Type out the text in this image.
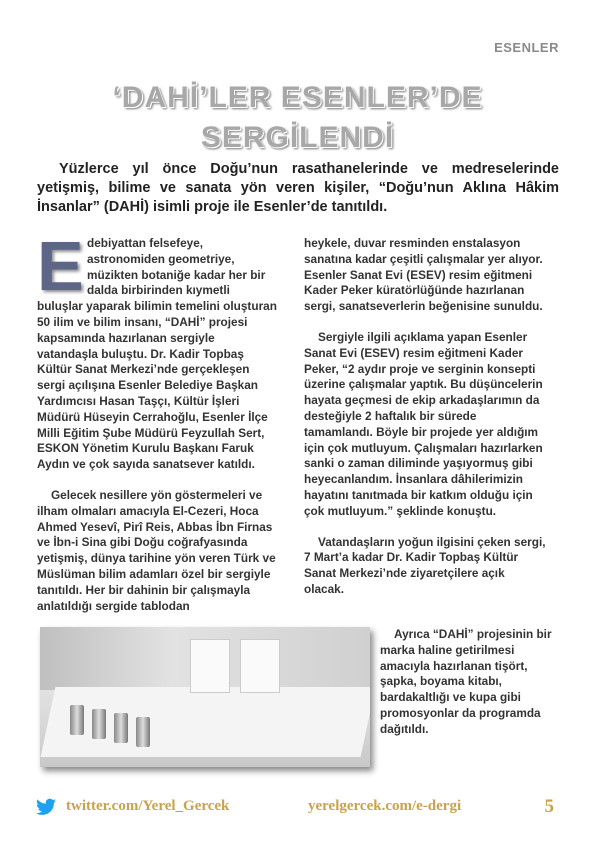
ESENLER
‘DAHİ’LER ESENLER’DE
SERGİLENDİ
Yüzlerce yıl önce Doğu’nun rasathanelerinde ve medreselerinde yetişmiş, bilime ve sanata yön veren kişiler, “Doğu’nun Aklına Hâkim İnsanlar” (DAHİ) isimli proje ile Esenler’de tanıtıldı.

Edebiyattan felsefeye, astronomiden geometriye, müzikten botaniğe kadar her bir dalda birbirinden kıymetli buluşlar yaparak bilimin temelini oluşturan 50 ilim ve bilim insanı, “DAHİ” projesi kapsamında hazırlanan sergiyle vatandaşla buluştu. Dr. Kadir Topbaş Kültür Sanat Merkezi’nde gerçekleşen sergi açılışına Esenler Belediye Başkan Yardımcısı Hasan Taşçı, Kültür İşleri Müdürü Hüseyin Cerrahoğlu, Esenler İlçe Milli Eğitim Şube Müdürü Feyzullah Sert, ESKON Yönetim Kurulu Başkanı Faruk Aydın ve çok sayıda sanatsever katıldı.

Gelecek nesillere yön göstermeleri ve ilham olmaları amacıyla El-Cezeri, Hoca Ahmed Yesevî, Pirî Reis, Abbas İbn Firnas ve İbn-i Sina gibi Doğu coğrafyasında yetişmiş, dünya tarihine yön veren Türk ve Müslüman bilim adamları özel bir sergiyle tanıtıldı. Her bir dahinin bir çalışmayla anlatıldığı sergide tablodan

heykele, duvar resminden enstalasyon sanatına kadar çeşitli çalışmalar yer alıyor. Esenler Sanat Evi (ESEV) resim eğitmeni Kader Peker küratörlüğünde hazırlanan sergi, sanatseverlerin beğenisine sunuldu.

Sergiyle ilgili açıklama yapan Esenler Sanat Evi (ESEV) resim eğitmeni Kader Peker, “2 aydır proje ve serginin konsepti üzerine çalışmalar yaptık. Bu düşüncelerin hayata geçmesi de ekip arkadaşlarımın da desteğiyle 2 haftalık bir sürede tamamlandı. Böyle bir projede yer aldığım için çok mutluyum. Çalışmaları hazırlarken sanki o zaman diliminde yaşıyormuş gibi heyecanlandım. İnsanlara dâhilerimizin hayatını tanıtmada bir katkım olduğu için çok mutluyum.” şeklinde konuştu.

Vatandaşların yoğun ilgisini çeken sergi, 7 Mart’a kadar Dr. Kadir Topbaş Kültür Sanat Merkezi’nde ziyaretçilere açık olacak.

Ayrıca “DAHİ” projesinin bir marka haline getirilmesi amacıyla hazırlanan tişört, şapka, boyama kitabı, bardakaltlığı ve kupa gibi promosyonlar da programda dağıtıldı.
twitter.com/Yerel_Gercek	yerelgercek.com/e-dergi	5
